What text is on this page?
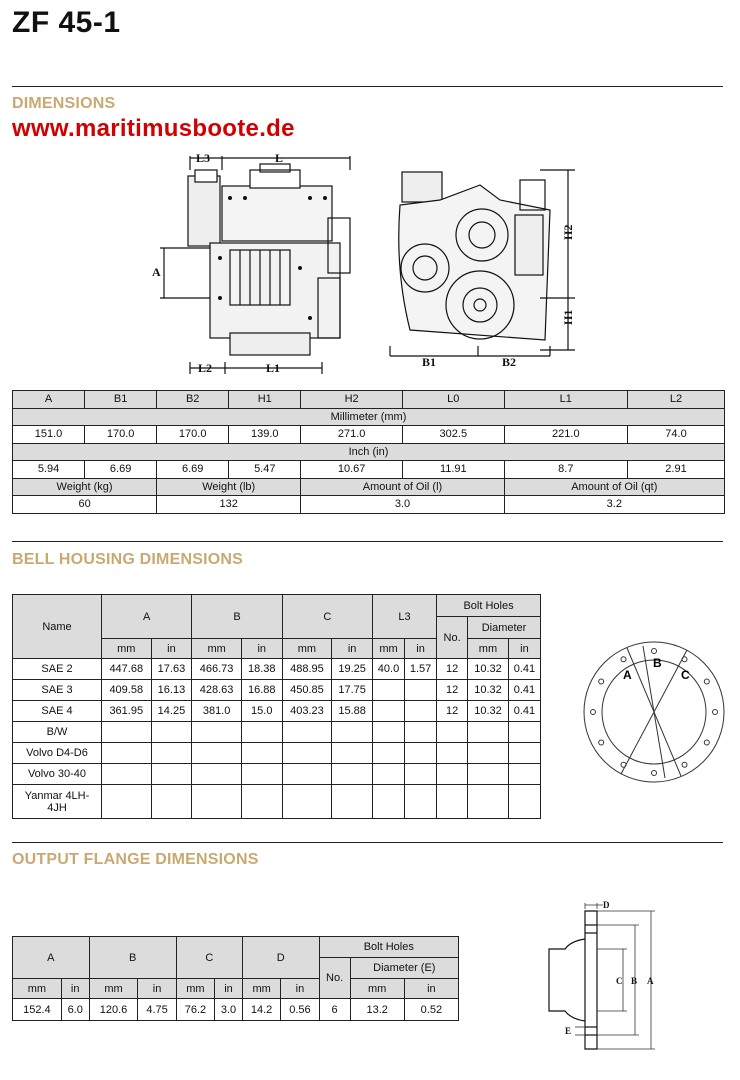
ZF 45-1
DIMENSIONS
www.maritimusboote.de
L3	L
A
L2	L1	B1	B2
H1
H2
A	B1	B2	H1	H2	L0	L1	L2
Millimeter (mm)							
151.0	170.0	170.0	139.0	271.0	302.5	221.0	74.0
Inch (in)							
5.94	6.69	6.69	5.47	10.67	11.91	8.7	2.91
Weight (kg)		Weight (lb)		Amount of Oil (l)		Amount of Oil (qt)	
60		132		3.0		3.2	
BELL HOUSING DIMENSIONS
Name	A		B		C		L3		Bolt Holes		
									No.	Diameter	
	mm	in	mm	in	mm	in	mm	in		mm	in
SAE 2	447.68	17.63	466.73	18.38	488.95	19.25	40.0	1.57	12	10.32	0.41
SAE 3	409.58	16.13	428.63	16.88	450.85	17.75			12	10.32	0.41
SAE 4	361.95	14.25	381.0	15.0	403.23	15.88			12	10.32	0.41
B/W											
Volvo D4-D6											
Volvo 30-40											
Yanmar 4LH-4JH											
A
B
C
OUTPUT FLANGE DIMENSIONS
A		B		C		D		Bolt Holes		
								No.	Diameter (E)	
mm	in	mm	in	mm	in	mm	in		mm	in
152.4	6.0	120.6	4.75	76.2	3.0	14.2	0.56	6	13.2	0.52
D
C B A
E
